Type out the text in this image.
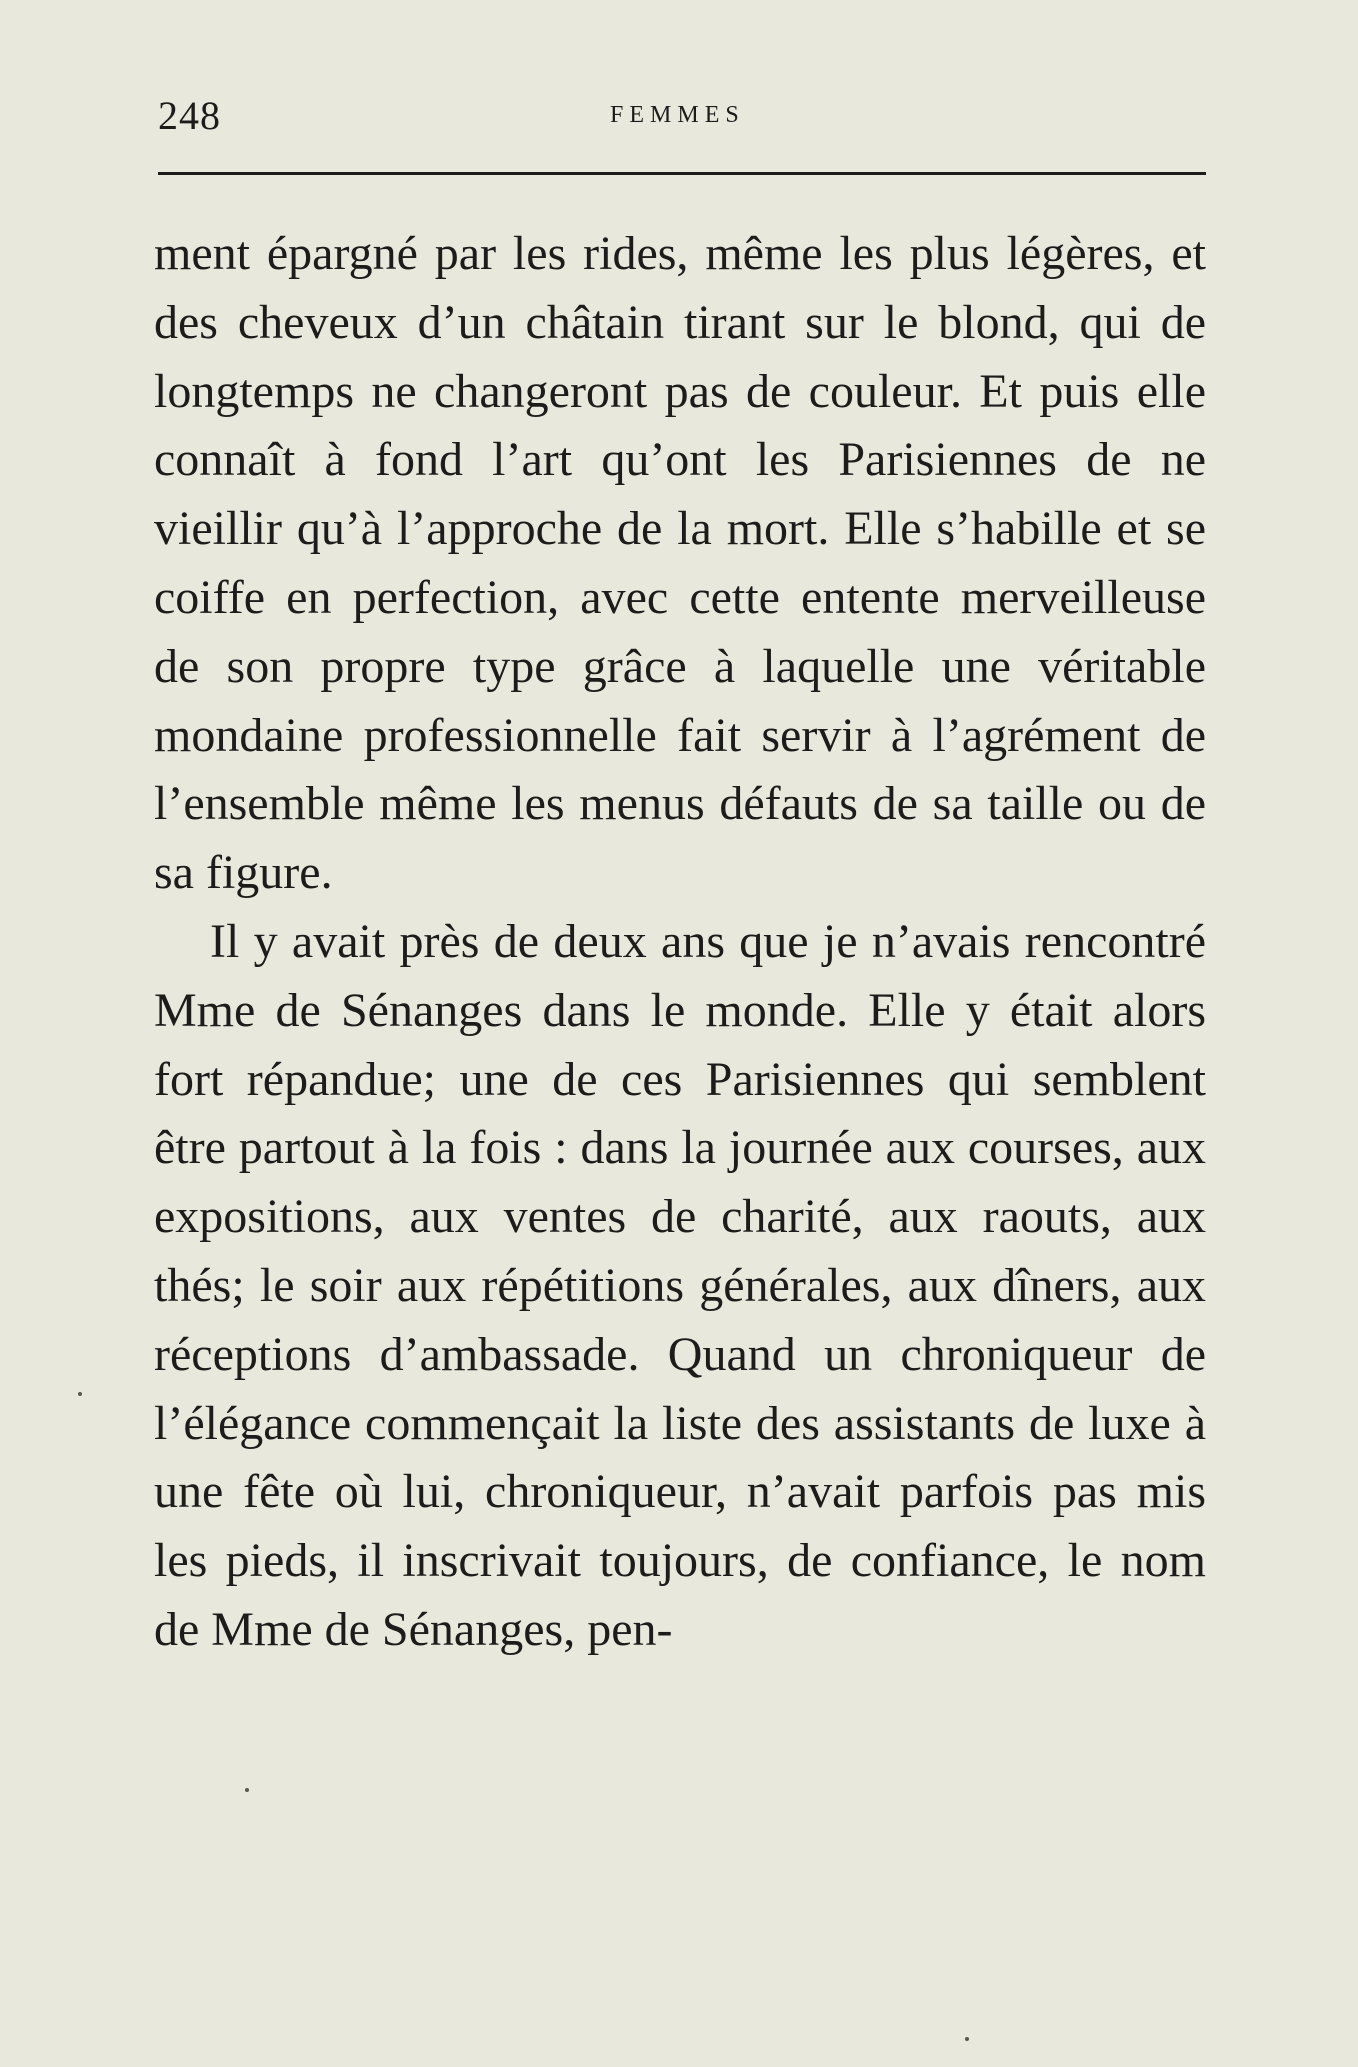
248	FEMMES

ment épargné par les rides, même les plus légères, et des cheveux d’un châtain tirant sur le blond, qui de longtemps ne changeront pas de couleur. Et puis elle connaît à fond l’art qu’ont les Parisiennes de ne vieillir qu’à l’approche de la mort. Elle s’habille et se coiffe en perfection, avec cette entente merveilleuse de son propre type grâce à laquelle une véritable mondaine professionnelle fait servir à l’agrément de l’ensemble même les menus défauts de sa taille ou de sa figure.

Il y avait près de deux ans que je n’avais rencontré Mme de Sénanges dans le monde. Elle y était alors fort répandue; une de ces Parisiennes qui semblent être partout à la fois : dans la journée aux courses, aux expositions, aux ventes de charité, aux raouts, aux thés; le soir aux répétitions générales, aux dîners, aux réceptions d’ambassade. Quand un chroniqueur de l’élégance commençait la liste des assistants de luxe à une fête où lui, chroniqueur, n’avait parfois pas mis les pieds, il inscrivait toujours, de confiance, le nom de Mme de Sénanges, pen-
